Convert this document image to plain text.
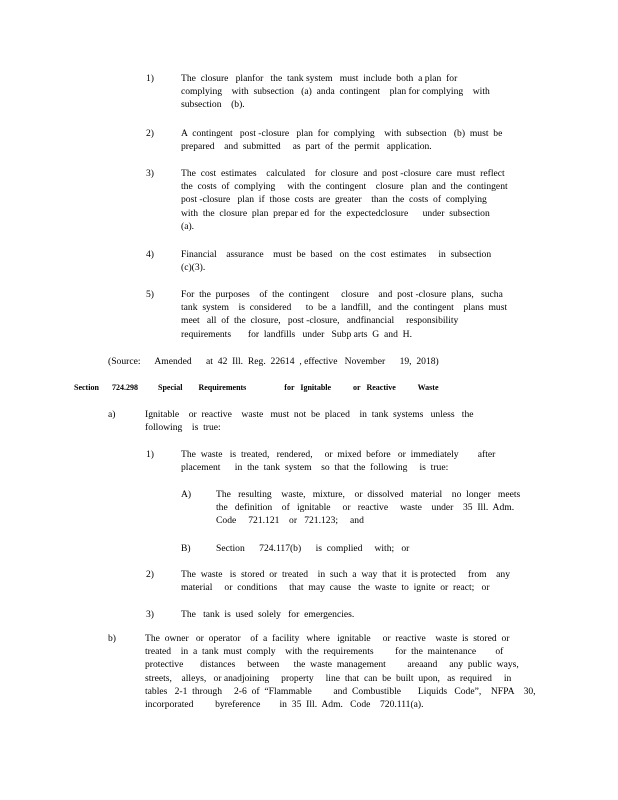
1)	The  closure   planfor   the  tank system   must  include  both  a plan  for
complying    with  subsection   (a)  anda  contingent    plan for complying    with
subsection    (b).
2)	A  contingent   post -closure   plan  for  complying    with  subsection   (b)  must  be
prepared    and  submitted     as  part  of  the  permit   application.
3)	The  cost  estimates    calculated    for  closure  and  post -closure  care  must  reflect
the  costs  of  complying     with  the  contingent    closure   plan  and  the  contingent
post -closure   plan  if  those  costs  are  greater    than  the  costs  of  complying
with  the  closure  plan  prepar ed  for  the  expectedclosure      under  subsection
(a).
4)	Financial    assurance    must  be  based   on  the  cost  estimates     in  subsection
(c)(3).
5)	For  the  purposes    of  the  contingent     closure    and  post -closure  plans,   sucha
tank  system    is  considered      to  be  a  landfill,   and  the  contingent    plans  must
meet   all  of  the  closure,   post -closure,   andfinancial     responsibility
requirements       for  landfills   under   Subp arts  G  and  H.
(Source:      Amended      at  42  Ill.  Reg.  22614  , effective   November      19,  2018)
Section 724.298	Special        Requirements                   for   Ignitable           or   Reactive           Waste
a)	Ignitable    or  reactive    waste   must  not  be  placed    in  tank  systems   unless   the
following    is  true:
1)	The  waste   is  treated,   rendered,     or  mixed  before   or  immediately        after
placement      in  the  tank  system    so  that  the  following     is  true:
A)	The   resulting    waste,   mixture,    or  dissolved   material    no  longer   meets
the   definition    of   ignitable     or   reactive     waste    under    35  Ill.  Adm.
Code     721.121    or   721.123;     and
B)	Section      724.117(b)      is  complied     with;   or
2)	The  waste   is  stored  or  treated    in  such  a  way  that  it  is protected     from    any
material     or  conditions     that  may  cause   the  waste  to  ignite  or  react;   or
3)	The   tank  is  used  solely   for  emergencies.
b)	The  owner   or  operator    of  a  facility   where   ignitable     or  reactive    waste  is  stored  or
treated    in  a  tank  must  comply    with  the  requirements         for  the  maintenance        of
protective       distances     between      the  waste  management         areaand     any  public  ways,
streets,    alleys,   or anadjoining     property     line  that  can  be  built  upon,   as  required     in
tables   2-1  through     2-6  of  “Flammable         and  Combustible       Liquids   Code”,    NFPA    30,
incorporated         byreference        in  35  Ill.  Adm.   Code    720.111(a).
